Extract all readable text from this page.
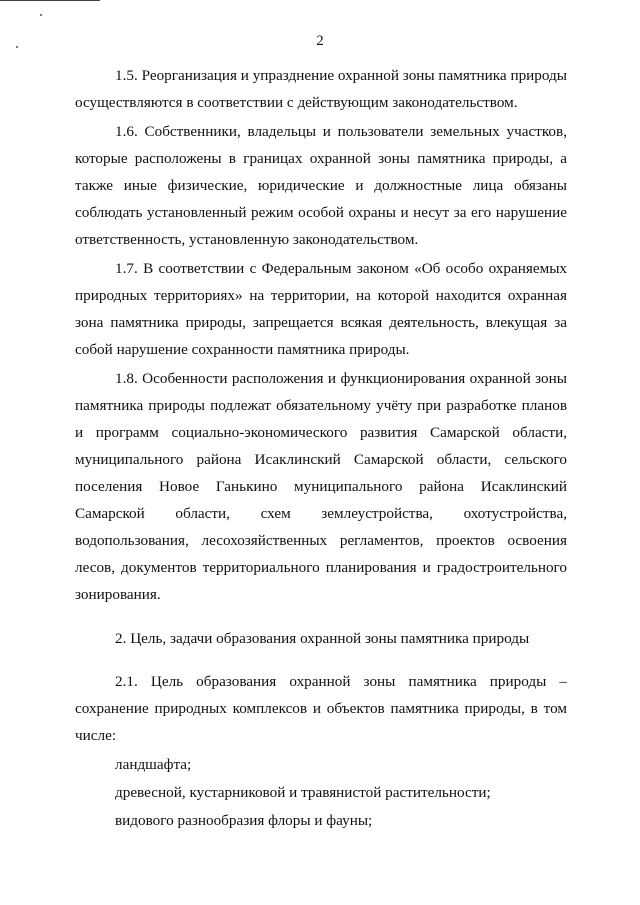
2

1.5. Реорганизация и упразднение охранной зоны памятника природы осуществляются в соответствии с действующим законодательством.

1.6. Собственники, владельцы и пользователи земельных участков, которые расположены в границах охранной зоны памятника природы, а также иные физические, юридические и должностные лица обязаны соблюдать установленный режим особой охраны и несут за его нарушение ответственность, установленную законодательством.

1.7. В соответствии с Федеральным законом «Об особо охраняемых природных территориях» на территории, на которой находится охранная зона памятника природы, запрещается всякая деятельность, влекущая за собой нарушение сохранности памятника природы.

1.8. Особенности расположения и функционирования охранной зоны памятника природы подлежат обязательному учёту при разработке планов и программ социально-экономического развития Самарской области, муниципального района Исаклинский Самарской области, сельского поселения Новое Ганькино муниципального района Исаклинский Самарской области, схем землеустройства, охотустройства, водопользования, лесохозяйственных регламентов, проектов освоения лесов, документов территориального планирования и градостроительного зонирования.

2. Цель, задачи образования охранной зоны памятника природы

2.1. Цель образования охранной зоны памятника природы – сохранение природных комплексов и объектов памятника природы, в том числе:

ландшафта;

древесной, кустарниковой и травянистой растительности;

видового разнообразия флоры и фауны;
